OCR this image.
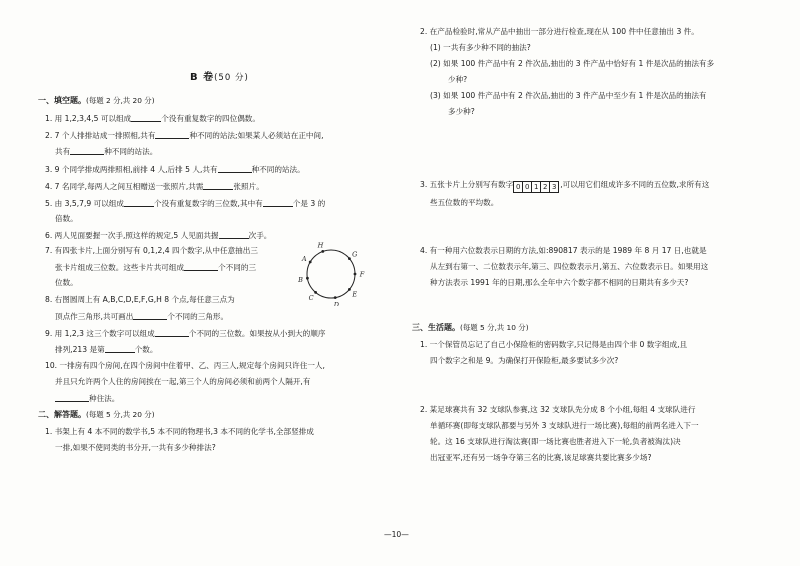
B 卷(50 分)
一、填空题。(每题 2 分,共 20 分)
1. 用 1,2,3,4,5 可以组成	个没有重复数字的四位偶数。
2. 7 个人排排站成一排照相,共有	种不同的站法;如果某人必须站在正中间,
共有	种不同的站法。
3. 9 个同学排成两排照相,前排 4 人,后排 5 人,共有	种不同的站法。
4. 7 名同学,每两人之间互相赠送一张照片,共需	张照片。
5. 由 3,5,7,9 可以组成	个没有重复数字的三位数,其中有	个是 3 的
倍数。
6. 两人见面要握一次手,照这样的规定,5 人见面共握	次手。
7. 有四张卡片,上面分别写有 0,1,2,4 四个数字,从中任意抽出三
张卡片组成三位数。这些卡片共可组成	个不同的三
位数。
8. 右图圆周上有 A,B,C,D,E,F,G,H 8 个点,每任意三点为
顶点作三角形,共可画出	个不同的三角形。
9. 用 1,2,3 这三个数字可以组成	个不同的三位数。如果按从小到大的顺序
排列,213 是第	个数。
10. 一排房有四个房间,在四个房间中住着甲、乙、丙三人,规定每个房间只许住一人,
并且只允许两个人住的房间挨在一起,第三个人的房间必须和前两个人隔开,有
种住法。
二、解答题。(每题 5 分,共 20 分)
1. 书架上有 4 本不同的数学书,5 本不同的物理书,3 本不同的化学书,全部竖排成
一排,如果不使同类的书分开,一共有多少种排法?
A
B
C
D
E
F
G
H
2. 在产品检验时,常从产品中抽出一部分进行检查,现在从 100 件中任意抽出 3 件。
(1) 一共有多少种不同的抽法?
(2) 如果 100 件产品中有 2 件次品,抽出的 3 件产品中恰好有 1 件是次品的抽法有多
少种?
(3) 如果 100 件产品中有 2 件次品,抽出的 3 件产品中至少有 1 件是次品的抽法有
多少种?
3. 五张卡片上分别写有数字 0 0 1 2 3 ,可以用它们组成许多不同的五位数,求所有这
些五位数的平均数。
4. 有一种用六位数表示日期的方法,如:890817 表示的是 1989 年 8 月 17 日,也就是
从左到右第一、二位数表示年,第三、四位数表示月,第五、六位数表示日。如果用这
种方法表示 1991 年的日期,那么全年中六个数字都不相同的日期共有多少天?
三、生活题。(每题 5 分,共 10 分)
1. 一个保管员忘记了自己小保险柜的密码数字,只记得是由四个非 0 数字组成,且
四个数字之和是 9。为确保打开保险柜,最多要试多少次?
2. 某足球赛共有 32 支球队参赛,这 32 支球队先分成 8 个小组,每组 4 支球队进行
单循环赛(即每支球队都要与另外 3 支球队进行一场比赛),每组的前两名进入下一
轮。这 16 支球队进行淘汰赛(即一场比赛也胜者进入下一轮,负者被淘汰)决
出冠亚军,还有另一场争夺第三名的比赛,该足球赛共要比赛多少场?
—10—
